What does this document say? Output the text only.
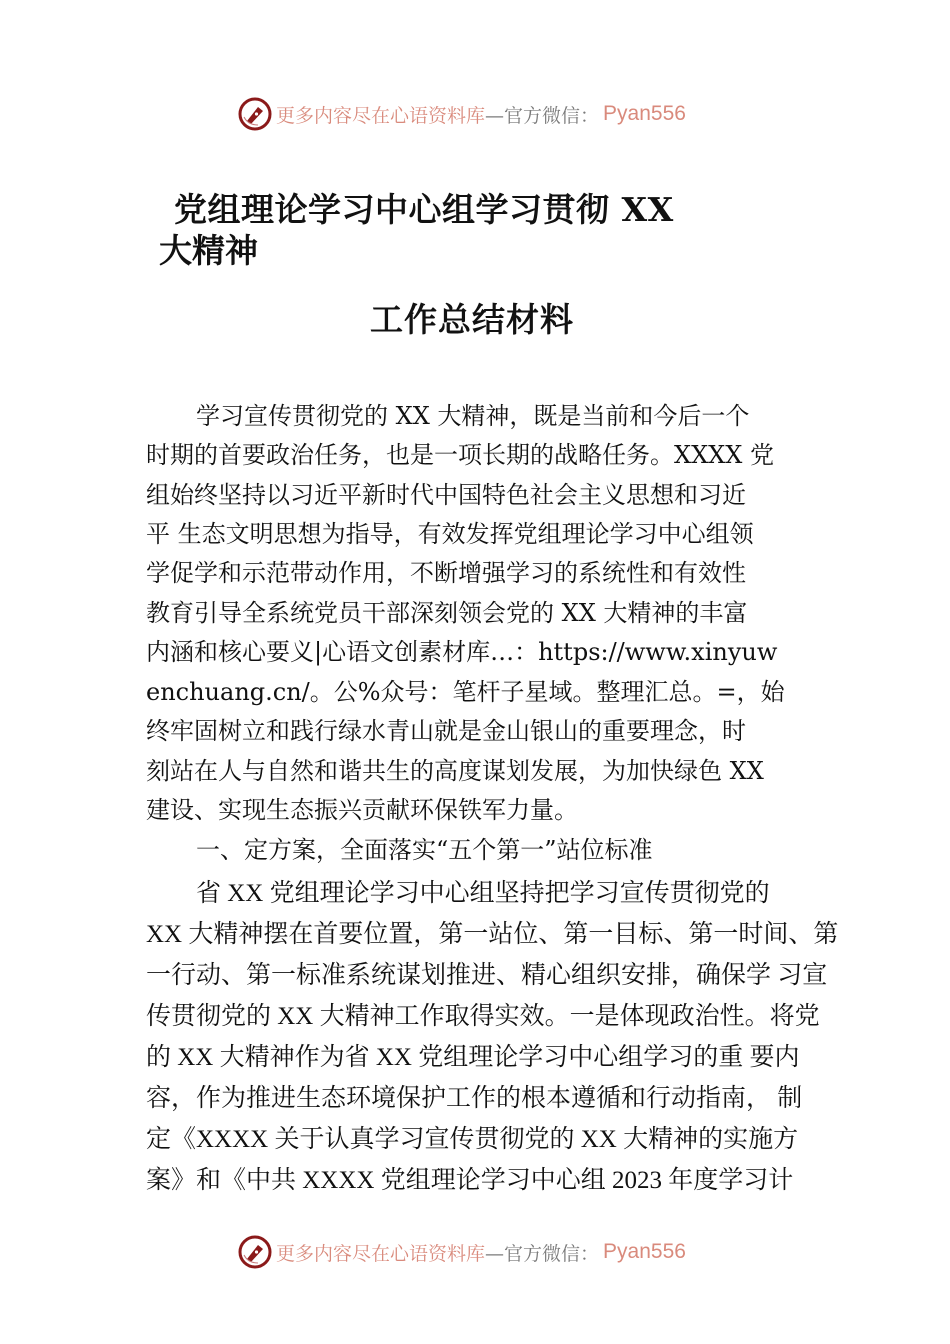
更多内容尽在心语资料库 —官方微信： Pyan556
党组理论学习中心组学习贯彻 XX
大精神
工作总结材料
学习宣传贯彻党的 XX 大精神，既是当前和今后一个
时期的首要政治任务，也是一项长期的战略任务。XXXX 党
组始终坚持以习近平新时代中国特色社会主义思想和习近
平 生态文明思想为指导，有效发挥党组理论学习中心组领
学促学和示范带动作用，不断增强学习的系统性和有效性
教育引导全系统党员干部深刻领会党的 XX 大精神的丰富
内涵和核心要义|心语文创素材库…：https://www.xinyuw
enchuang.cn/。公%众号：笔杆子星域。整理汇总。=，始
终牢固树立和践行绿水青山就是金山银山的重要理念，时
刻站在人与自然和谐共生的高度谋划发展，为加快绿色 XX
建设、实现生态振兴贡献环保铁军力量。
一、定方案，全面落实“五个第一”站位标准
省 XX 党组理论学习中心组坚持把学习宣传贯彻党的
XX 大精神摆在首要位置，第一站位、第一目标、第一时间、第
一行动、第一标准系统谋划推进、精心组织安排，确保学 习宣
传贯彻党的 XX 大精神工作取得实效。一是体现政治性。将党
的 XX 大精神作为省 XX 党组理论学习中心组学习的重 要内
容，作为推进生态环境保护工作的根本遵循和行动指南， 制
定《XXXX 关于认真学习宣传贯彻党的 XX 大精神的实施方
案》和《中共 XXXX 党组理论学习中心组 2023 年度学习计
更多内容尽在心语资料库 —官方微信： Pyan556
